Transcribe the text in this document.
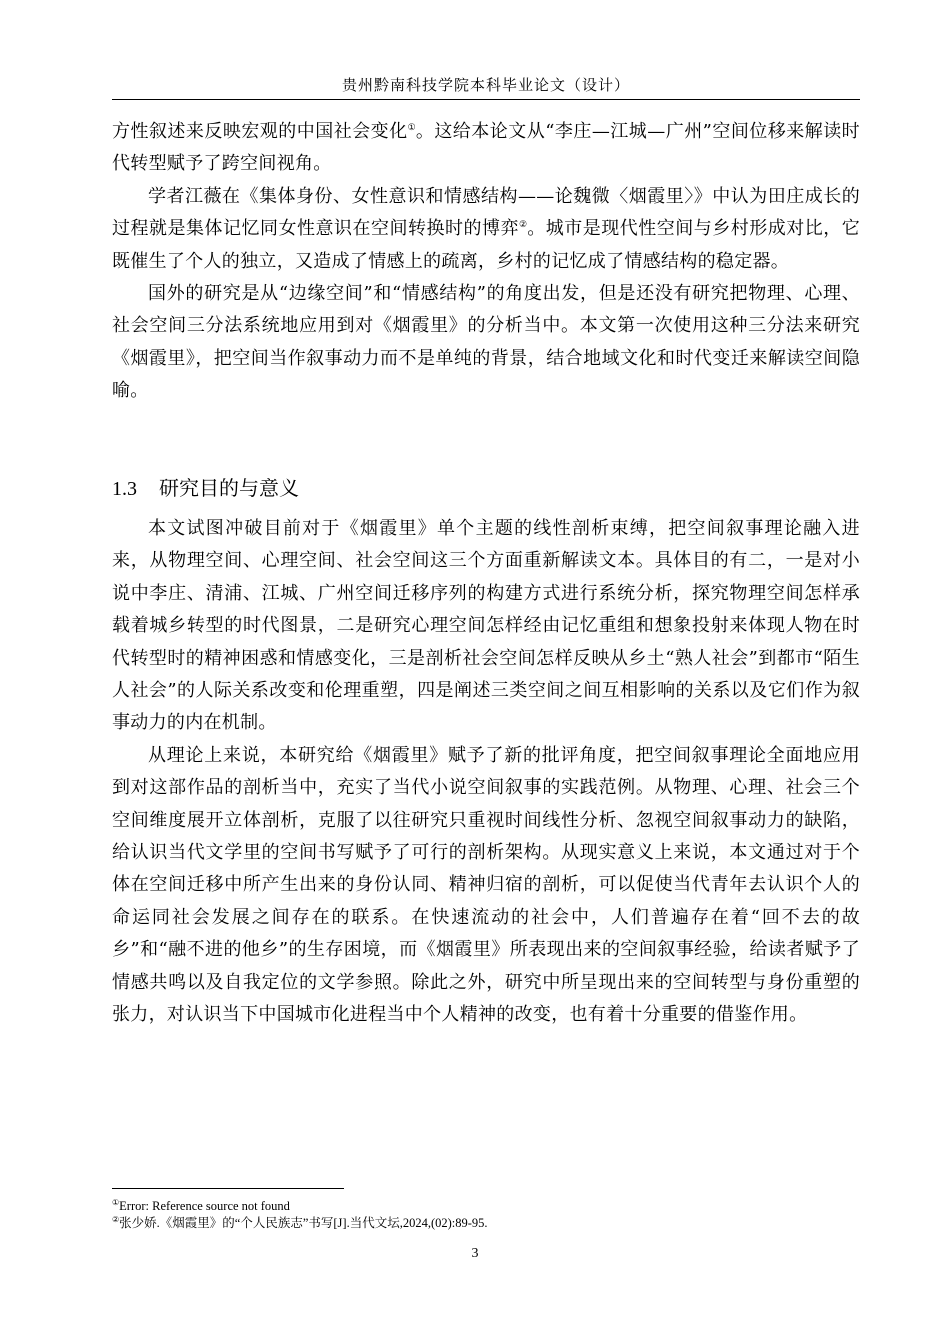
贵州黔南科技学院本科毕业论文（设计）

方性叙述来反映宏观的中国社会变化①。这给本论文从“李庄—江城—广州”空间位移来解读时代转型赋予了跨空间视角。

学者江薇在《集体身份、女性意识和情感结构——论魏微〈烟霞里〉》中认为田庄成长的过程就是集体记忆同女性意识在空间转换时的博弈②。城市是现代性空间与乡村形成对比，它既催生了个人的独立，又造成了情感上的疏离，乡村的记忆成了情感结构的稳定器。

国外的研究是从“边缘空间”和“情感结构”的角度出发，但是还没有研究把物理、心理、社会空间三分法系统地应用到对《烟霞里》的分析当中。本文第一次使用这种三分法来研究《烟霞里》，把空间当作叙事动力而不是单纯的背景，结合地域文化和时代变迁来解读空间隐喻。

1.3 研究目的与意义

本文试图冲破目前对于《烟霞里》单个主题的线性剖析束缚，把空间叙事理论融入进来，从物理空间、心理空间、社会空间这三个方面重新解读文本。具体目的有二，一是对小说中李庄、清浦、江城、广州空间迁移序列的构建方式进行系统分析，探究物理空间怎样承载着城乡转型的时代图景，二是研究心理空间怎样经由记忆重组和想象投射来体现人物在时代转型时的精神困惑和情感变化，三是剖析社会空间怎样反映从乡土“熟人社会”到都市“陌生人社会”的人际关系改变和伦理重塑，四是阐述三类空间之间互相影响的关系以及它们作为叙事动力的内在机制。

从理论上来说，本研究给《烟霞里》赋予了新的批评角度，把空间叙事理论全面地应用到对这部作品的剖析当中，充实了当代小说空间叙事的实践范例。从物理、心理、社会三个空间维度展开立体剖析，克服了以往研究只重视时间线性分析、忽视空间叙事动力的缺陷，给认识当代文学里的空间书写赋予了可行的剖析架构。从现实意义上来说，本文通过对于个体在空间迁移中所产生出来的身份认同、精神归宿的剖析，可以促使当代青年去认识个人的命运同社会发展之间存在的联系。在快速流动的社会中，人们普遍存在着“回不去的故乡”和“融不进的他乡”的生存困境，而《烟霞里》所表现出来的空间叙事经验，给读者赋予了情感共鸣以及自我定位的文学参照。除此之外，研究中所呈现出来的空间转型与身份重塑的张力，对认识当下中国城市化进程当中个人精神的改变，也有着十分重要的借鉴作用。

①Error: Reference source not found
②张少娇.《烟霞里》的“个人民族志”书写[J].当代文坛,2024,(02):89-95.
3
